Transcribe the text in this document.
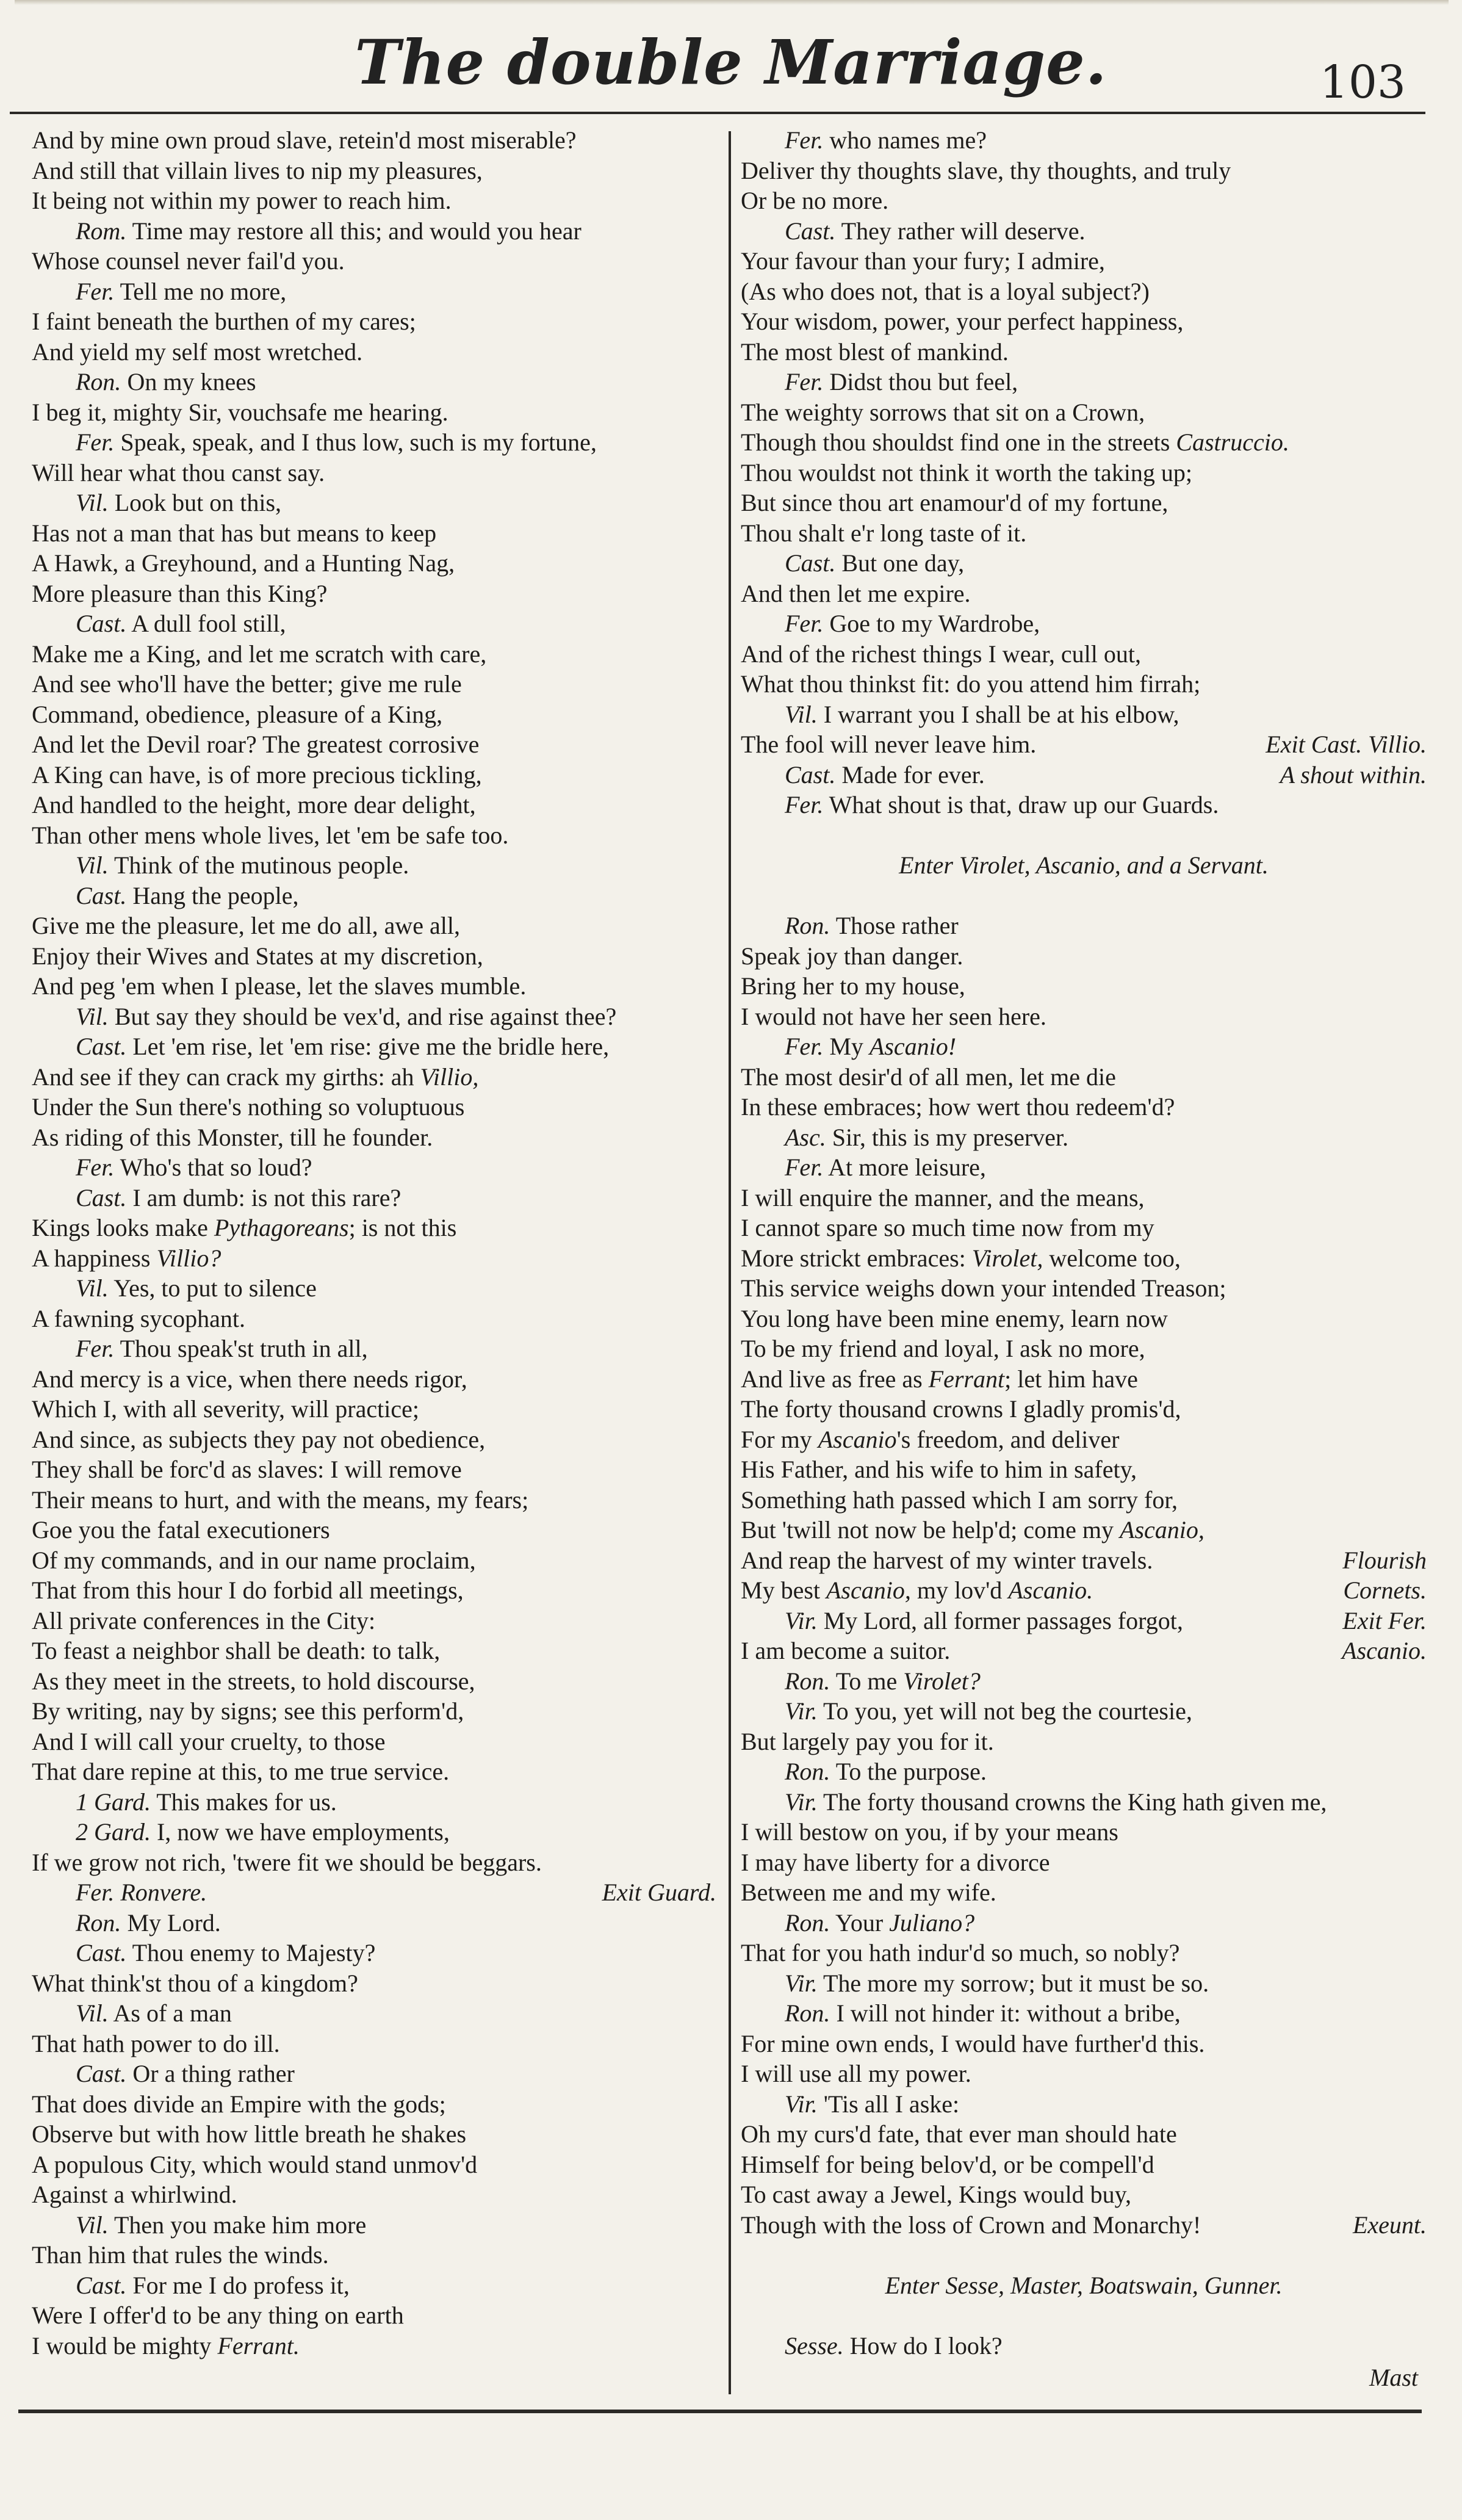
The double Marriage.	103
And by mine own proud slave, retein'd most miserable?
And still that villain lives to nip my pleasures,
It being not within my power to reach him.
Rom. Time may restore all this; and would you hear
Whose counsel never fail'd you.
Fer. Tell me no more,
I faint beneath the burthen of my cares;
And yield my self most wretched.
Ron. On my knees
I beg it, mighty Sir, vouchsafe me hearing.
Fer. Speak, speak, and I thus low, such is my fortune,
Will hear what thou canst say.
Vil. Look but on this,
Has not a man that has but means to keep
A Hawk, a Greyhound, and a Hunting Nag,
More pleasure than this King?
Cast. A dull fool still,
Make me a King, and let me scratch with care,
And see who'll have the better; give me rule
Command, obedience, pleasure of a King,
And let the Devil roar? The greatest corrosive
A King can have, is of more precious tickling,
And handled to the height, more dear delight,
Than other mens whole lives, let 'em be safe too.
Vil. Think of the mutinous people.
Cast. Hang the people,
Give me the pleasure, let me do all, awe all,
Enjoy their Wives and States at my discretion,
And peg 'em when I please, let the slaves mumble.
Vil. But say they should be vex'd, and rise against thee?
Cast. Let 'em rise, let 'em rise: give me the bridle here,
And see if they can crack my girths: ah Villio,
Under the Sun there's nothing so voluptuous
As riding of this Monster, till he founder.
Fer. Who's that so loud?
Cast. I am dumb: is not this rare?
Kings looks make Pythagoreans; is not this
A happiness Villio?
Vil. Yes, to put to silence
A fawning sycophant.
Fer. Thou speak'st truth in all,
And mercy is a vice, when there needs rigor,
Which I, with all severity, will practice;
And since, as subjects they pay not obedience,
They shall be forc'd as slaves: I will remove
Their means to hurt, and with the means, my fears;
Goe you the fatal executioners
Of my commands, and in our name proclaim,
That from this hour I do forbid all meetings,
All private conferences in the City:
To feast a neighbor shall be death: to talk,
As they meet in the streets, to hold discourse,
By writing, nay by signs; see this perform'd,
And I will call your cruelty, to those
That dare repine at this, to me true service.
1 Gard. This makes for us.
2 Gard. I, now we have employments,
If we grow not rich, 'twere fit we should be beggars.
Fer. Ronvere.	Exit Guard.
Ron. My Lord.
Cast. Thou enemy to Majesty?
What think'st thou of a kingdom?
Vil. As of a man
That hath power to do ill.
Cast. Or a thing rather
That does divide an Empire with the gods;
Observe but with how little breath he shakes
A populous City, which would stand unmov'd
Against a whirlwind.
Vil. Then you make him more
Than him that rules the winds.
Cast. For me I do profess it,
Were I offer'd to be any thing on earth
I would be mighty Ferrant.
Fer. who names me?
Deliver thy thoughts slave, thy thoughts, and truly
Or be no more.
Cast. They rather will deserve.
Your favour than your fury; I admire,
(As who does not, that is a loyal subject?)
Your wisdom, power, your perfect happiness,
The most blest of mankind.
Fer. Didst thou but feel,
The weighty sorrows that sit on a Crown,
Though thou shouldst find one in the streets Castruccio.
Thou wouldst not think it worth the taking up;
But since thou art enamour'd of my fortune,
Thou shalt e'r long taste of it.
Cast. But one day,
And then let me expire.
Fer. Goe to my Wardrobe,
And of the richest things I wear, cull out,
What thou thinkst fit: do you attend him firrah;
Vil. I warrant you I shall be at his elbow,
The fool will never leave him.	Exit Cast. Villio.
Cast. Made for ever.	A shout within.
Fer. What shout is that, draw up our Guards.
Enter Virolet, Ascanio, and a Servant.
Ron. Those rather
Speak joy than danger.
Bring her to my house,
I would not have her seen here.
Fer. My Ascanio!
The most desir'd of all men, let me die
In these embraces; how wert thou redeem'd?
Asc. Sir, this is my preserver.
Fer. At more leisure,
I will enquire the manner, and the means,
I cannot spare so much time now from my
More strickt embraces: Virolet, welcome too,
This service weighs down your intended Treason;
You long have been mine enemy, learn now
To be my friend and loyal, I ask no more,
And live as free as Ferrant; let him have
The forty thousand crowns I gladly promis'd,
For my Ascanio's freedom, and deliver
His Father, and his wife to him in safety,
Something hath passed which I am sorry for,
But 'twill not now be help'd; come my Ascanio,
And reap the harvest of my winter travels.	Flourish
My best Ascanio, my lov'd Ascanio.	Cornets.
Vir. My Lord, all former passages forgot,	Exit Fer.
I am become a suitor.	Ascanio.
Ron. To me Virolet?
Vir. To you, yet will not beg the courtesie,
But largely pay you for it.
Ron. To the purpose.
Vir. The forty thousand crowns the King hath given me,
I will bestow on you, if by your means
I may have liberty for a divorce
Between me and my wife.
Ron. Your Juliano?
That for you hath indur'd so much, so nobly?
Vir. The more my sorrow; but it must be so.
Ron. I will not hinder it: without a bribe,
For mine own ends, I would have further'd this.
I will use all my power.
Vir. 'Tis all I aske:
Oh my curs'd fate, that ever man should hate
Himself for being belov'd, or be compell'd
To cast away a Jewel, Kings would buy,
Though with the loss of Crown and Monarchy!	Exeunt.
Enter Sesse, Master, Boatswain, Gunner.
Sesse. How do I look?
Mast
